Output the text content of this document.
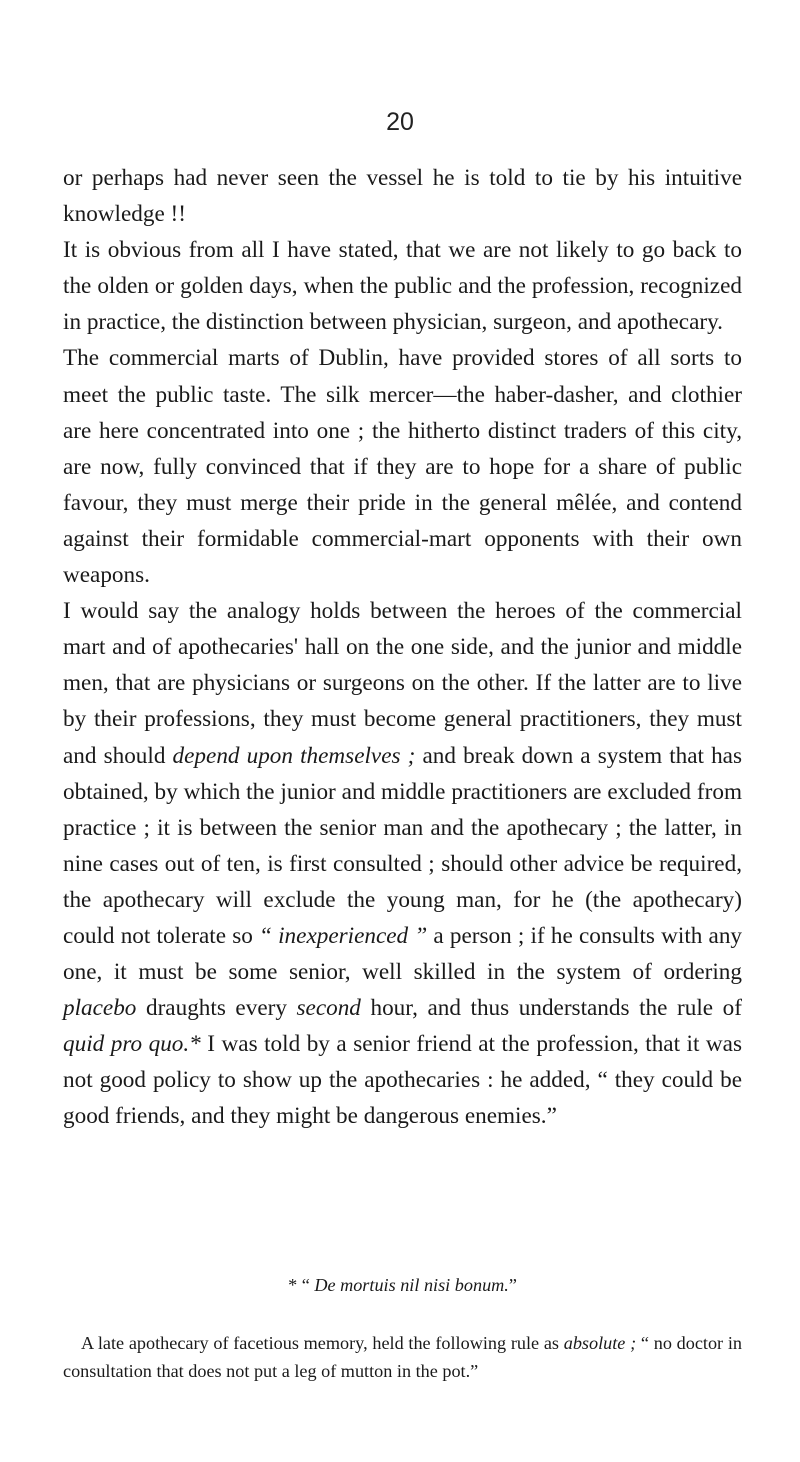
20

or perhaps had never seen the vessel he is told to tie by his intuitive knowledge !!

It is obvious from all I have stated, that we are not likely to go back to the olden or golden days, when the public and the profession, recognized in practice, the distinction between physician, surgeon, and apothecary.

The commercial marts of Dublin, have provided stores of all sorts to meet the public taste. The silk mercer—the haber-dasher, and clothier are here concentrated into one ; the hitherto distinct traders of this city, are now, fully convinced that if they are to hope for a share of public favour, they must merge their pride in the general mêlée, and contend against their formidable commercial-mart opponents with their own weapons.

I would say the analogy holds between the heroes of the commercial mart and of apothecaries' hall on the one side, and the junior and middle men, that are physicians or surgeons on the other. If the latter are to live by their professions, they must become general practitioners, they must and should depend upon themselves ; and break down a system that has obtained, by which the junior and middle practitioners are excluded from practice ; it is between the senior man and the apothecary ; the latter, in nine cases out of ten, is first consulted ; should other advice be required, the apothecary will exclude the young man, for he (the apothecary) could not tolerate so “ inexperienced ” a person ; if he consults with any one, it must be some senior, well skilled in the system of ordering placebo draughts every second hour, and thus understands the rule of quid pro quo.* I was told by a senior friend at the profession, that it was not good policy to show up the apothecaries : he added, “ they could be good friends, and they might be dangerous enemies.”

* “ De mortuis nil nisi bonum.”

A late apothecary of facetious memory, held the following rule as absolute ; “ no doctor in consultation that does not put a leg of mutton in the pot.”
